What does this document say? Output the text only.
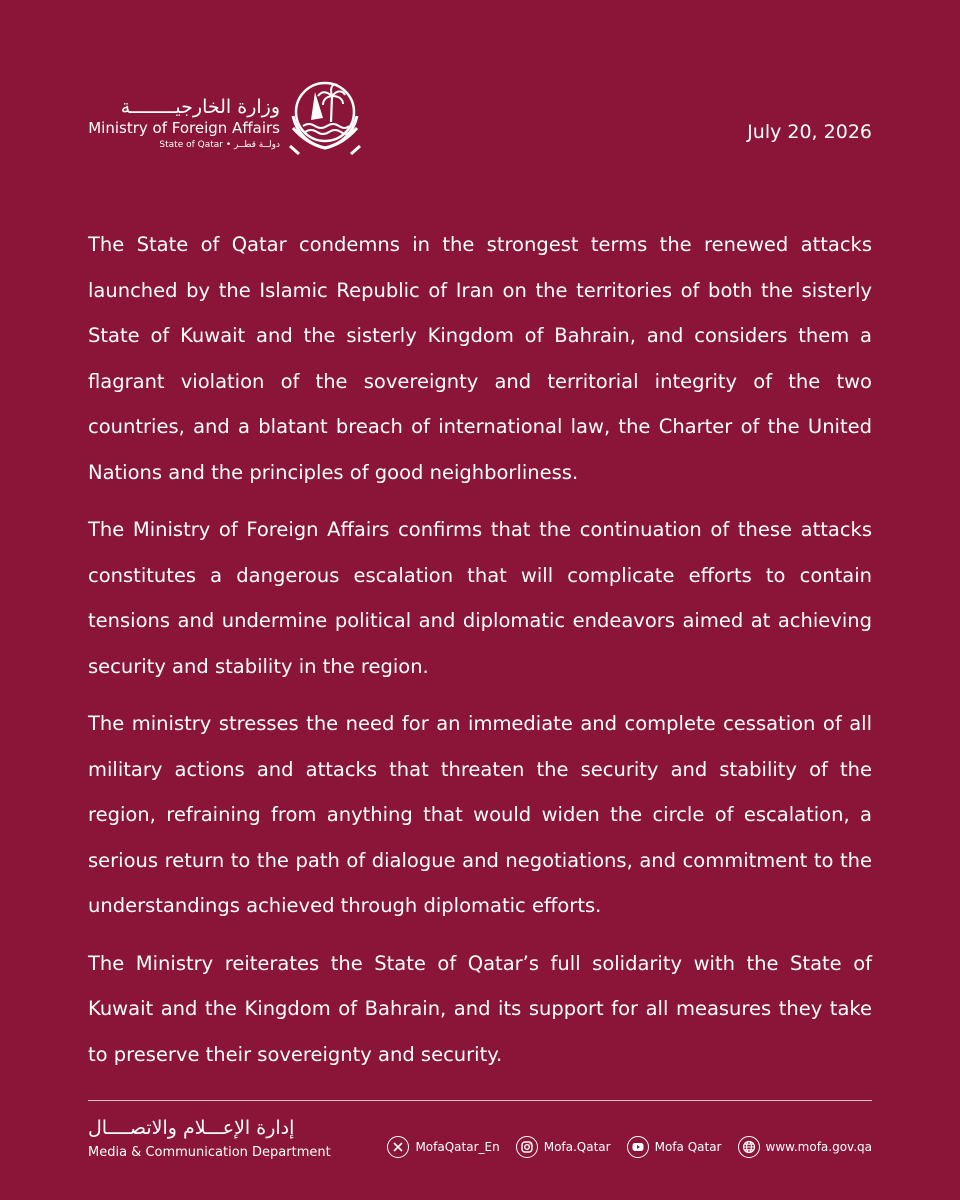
وزارة الخارجيــــــــة
Ministry of Foreign Affairs
State of Qatar • دولــة قطــر
July 20, 2026

The State of Qatar condemns in the strongest terms the renewed attacks launched by the Islamic Republic of Iran on the territories of both the sisterly State of Kuwait and the sisterly Kingdom of Bahrain, and considers them a flagrant violation of the sovereignty and territorial integrity of the two countries, and a blatant breach of international law, the Charter of the United Nations and the principles of good neighborliness.

The Ministry of Foreign Affairs confirms that the continuation of these attacks constitutes a dangerous escalation that will complicate efforts to contain tensions and undermine political and diplomatic endeavors aimed at achieving security and stability in the region.

The ministry stresses the need for an immediate and complete cessation of all military actions and attacks that threaten the security and stability of the region, refraining from anything that would widen the circle of escalation, a serious return to the path of dialogue and negotiations, and commitment to the understandings achieved through diplomatic efforts.

The Ministry reiterates the State of Qatar’s full solidarity with the State of Kuwait and the Kingdom of Bahrain, and its support for all measures they take to preserve their sovereignty and security.

إدارة الإعـــلام والاتصــــال
Media & Communication Department	MofaQatar_En	Mofa.Qatar	Mofa Qatar	www.mofa.gov.qa
